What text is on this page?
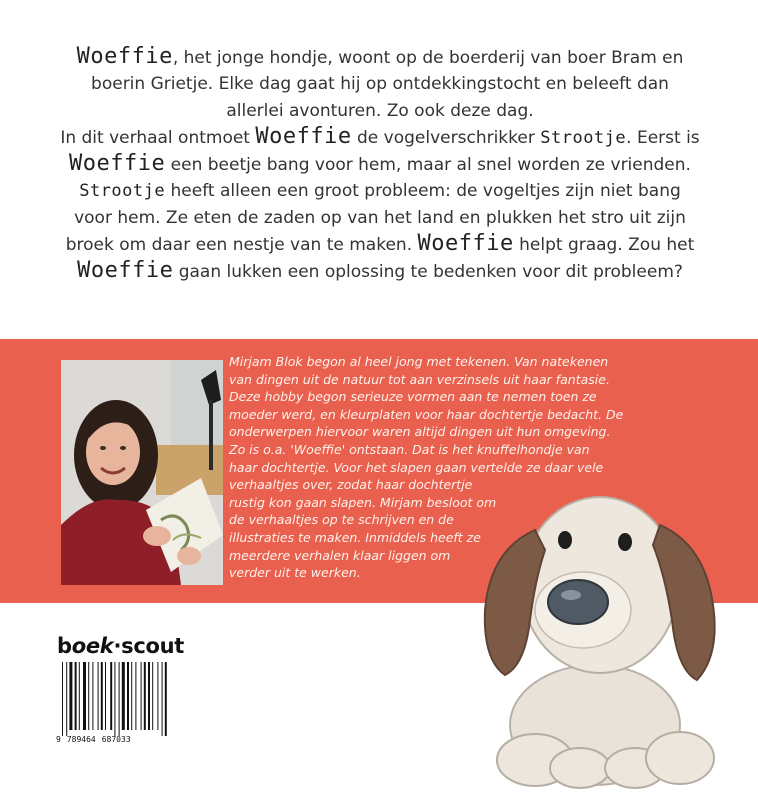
Woeffie, het jonge hondje, woont op de boerderij van boer Bram en

boerin Grietje. Elke dag gaat hij op ontdekkingstocht en beleeft dan

allerlei avonturen. Zo ook deze dag.

In dit verhaal ontmoet Woeffie de vogelverschrikker Strootje. Eerst is

Woeffie een beetje bang voor hem, maar al snel worden ze vrienden.

Strootje heeft alleen een groot probleem: de vogeltjes zijn niet bang

voor hem. Ze eten de zaden op van het land en plukken het stro uit zijn

broek om daar een nestje van te maken. Woeffie helpt graag. Zou het

Woeffie gaan lukken een oplossing te bedenken voor dit probleem?

Mirjam Blok begon al heel jong met tekenen. Van natekenen
van dingen uit de natuur tot aan verzinsels uit haar fantasie.
Deze hobby begon serieuze vormen aan te nemen toen ze
moeder werd, en kleurplaten voor haar dochtertje bedacht. De
onderwerpen hiervoor waren altijd dingen uit hun omgeving.
Zo is o.a. 'Woeffie' ontstaan. Dat is het knuffelhondje van
haar dochtertje. Voor het slapen gaan vertelde ze daar vele
verhaaltjes over, zodat haar dochtertje
rustig kon gaan slapen. Mirjam besloot om
de verhaaltjes op te schrijven en de
illustraties te maken. Inmiddels heeft ze
meerdere verhalen klaar liggen om
verder uit te werken.
boek·scout
9 789464 687033
